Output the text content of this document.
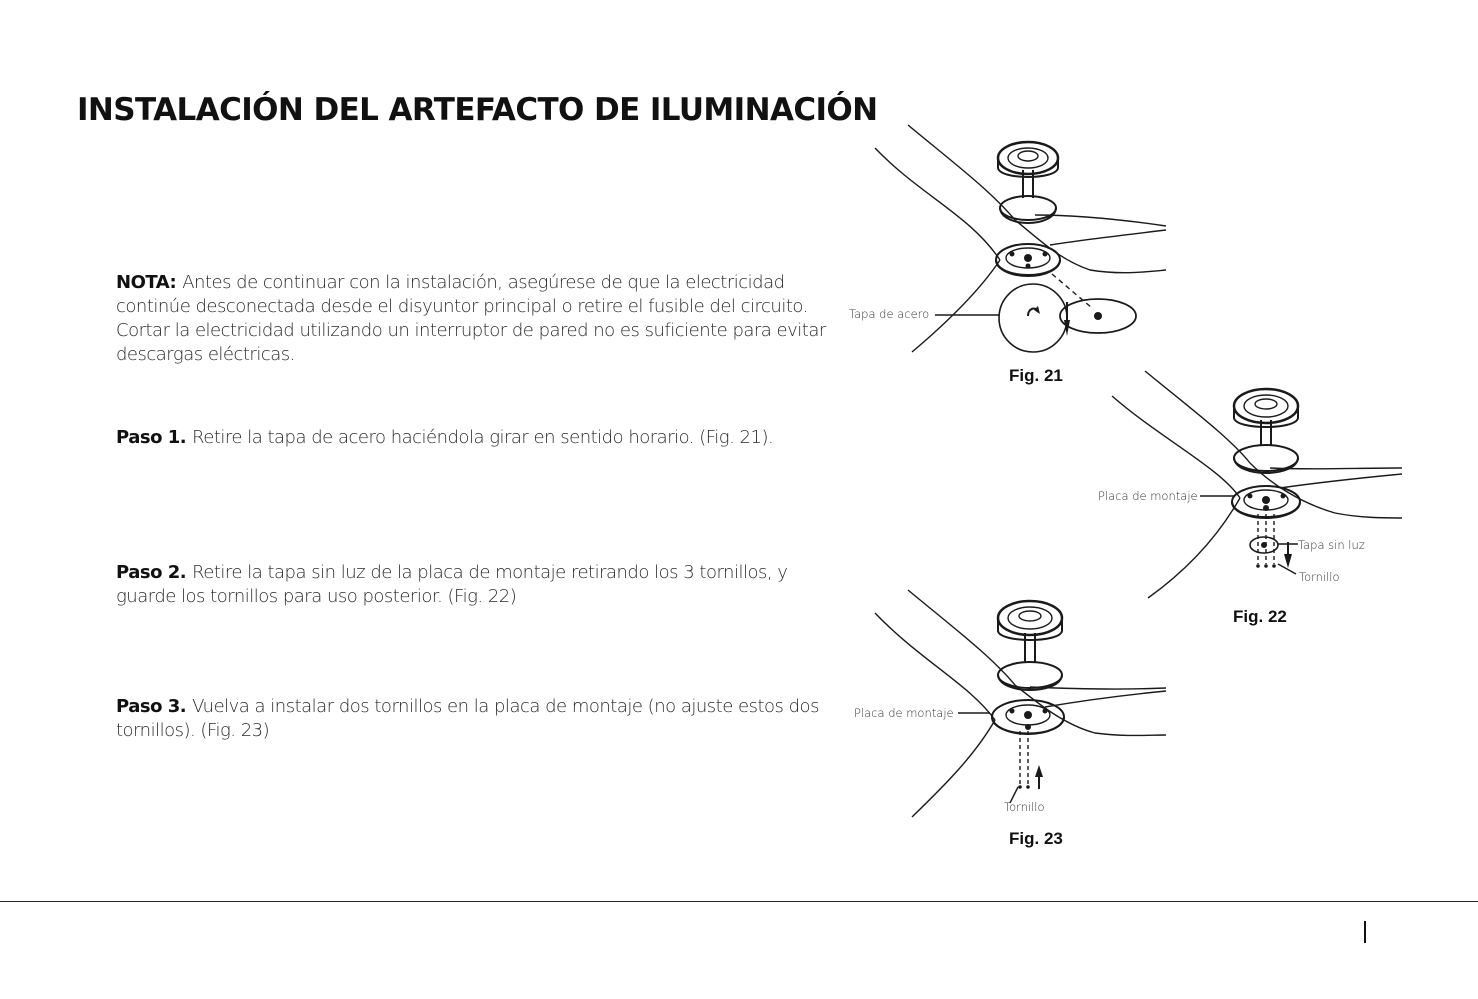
INSTALACIÓN DEL ARTEFACTO DE ILUMINACIÓN

NOTA: Antes de continuar con la instalación, asegúrese de que la electricidad continúe desconectada desde el disyuntor principal o retire el fusible del circuito. Cortar la electricidad utilizando un interruptor de pared no es suficiente para evitar descargas eléctricas.

Paso 1. Retire la tapa de acero haciéndola girar en sentido horario. (Fig. 21).

Paso 2. Retire la tapa sin luz de la placa de montaje retirando los 3 tornillos, y guarde los tornillos para uso posterior. (Fig. 22)

Paso 3. Vuelva a instalar dos tornillos en la placa de montaje (no ajuste estos dos tornillos). (Fig. 23)

Tapa de acero
Fig. 21
Placa de montaje
Tapa sin luz
Tornillo
Fig. 22
Placa de montaje
Tornillo
Fig. 23
